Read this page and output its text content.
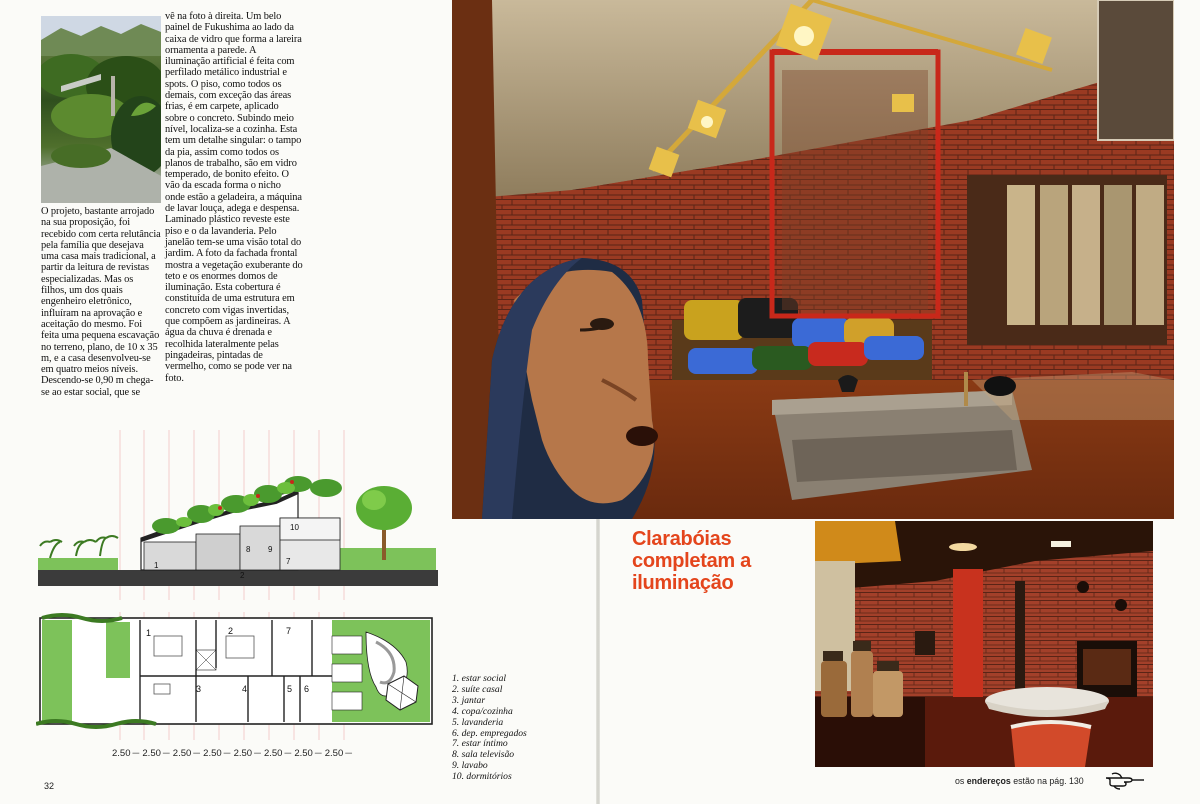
O projeto, bastante arrojado na sua proposição, foi recebido com certa relutância pela família que desejava uma casa mais tradicional, a partir da leitura de revistas especializadas. Mas os filhos, um dos quais engenheiro eletrônico, influíram na aprovação e aceitação do mesmo. Foi feita uma pequena escavação no terreno, plano, de 10 x 35 m, e a casa desenvolveu-se em quatro meios níveis. Descendo-se 0,90 m chega-se ao estar social, que se
vê na foto à direita. Um belo painel de Fukushima ao lado da caixa de vidro que forma a lareira ornamenta a parede. A iluminação artificial é feita com perfilado metálico industrial e spots. O piso, como todos os demais, com exceção das áreas frias, é em carpete, aplicado sobre o concreto. Subindo meio nível, localiza-se a cozinha. Esta tem um detalhe singular: o tampo da pia, assim como todos os planos de trabalho, são em vidro temperado, de bonito efeito. O vão da escada forma o nicho onde estão a geladeira, a máquina de lavar louça, adega e despensa. Laminado plástico reveste este piso e o da lavanderia. Pelo janelão tem-se uma visão total do jardim. A foto da fachada frontal mostra a vegetação exuberante do teto e os enormes domos de iluminação. Esta cobertura é constituída de uma estrutura em concreto com vigas invertidas, que compõem as jardineiras. A água da chuva é drenada e recolhida lateralmente pelas pingadeiras, pintadas de vermelho, como se pode ver na foto.
10
8 9
1
2
7
1	2	7
3	4	5 6
2.50 ─	2.50 ─	2.50 ─	2.50 ─	2.50 ─	2.50 ─	2.50 ─	2.50 ─
1. estar social
2. suíte casal
3. jantar
4. copa/cozinha
5. lavanderia
6. dep. empregados
7. estar íntimo
8. sala televisão
9. lavabo
10. dormitórios
32
Clarabóias
completam a
iluminação
os endereços estão na pág. 130
